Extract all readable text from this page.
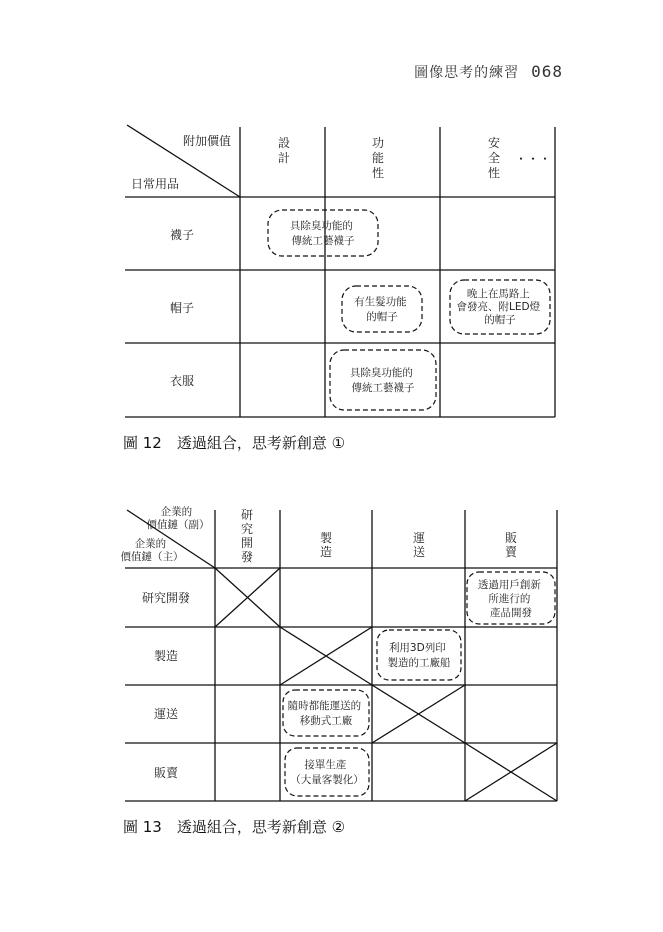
圖像思考的練習 068
附加價值
日常用品
設 計
功 能 性
安 全 性
・・・
襪子
帽子
衣服
具除臭功能的 傳統工藝襪子
有生髮功能 的帽子
晚上在馬路上 會發亮、附LED燈 的帽子
具除臭功能的 傳統工藝襪子
企業的 價值鏈（副）
企業的 價值鏈（主）
研 究 開 發
製 造
運 送
販 賣
研究開發
製造
運送
販賣
透過用戶創新 所進行的 產品開發
利用3D列印 製造的工廠船
隨時都能運送的 移動式工廠
接單生產 （大量客製化）
圖 12　透過組合，思考新創意 ①
圖 13　透過組合，思考新創意 ②
